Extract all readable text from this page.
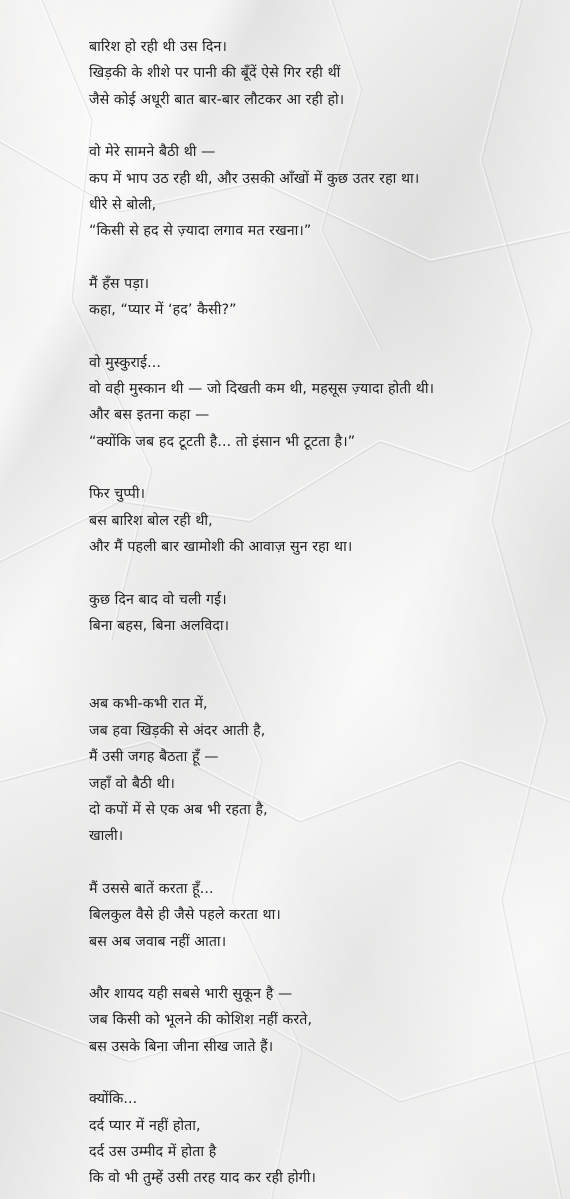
बारिश हो रही थी उस दिन।
खिड़की के शीशे पर पानी की बूँदें ऐसे गिर रही थीं
जैसे कोई अधूरी बात बार-बार लौटकर आ रही हो।
वो मेरे सामने बैठी थी —
कप में भाप उठ रही थी, और उसकी आँखों में कुछ उतर रहा था।
धीरे से बोली,
“किसी से हद से ज़्यादा लगाव मत रखना।”
मैं हँस पड़ा।
कहा, “प्यार में ‘हद’ कैसी?”
वो मुस्कुराई...
वो वही मुस्कान थी — जो दिखती कम थी, महसूस ज़्यादा होती थी।
और बस इतना कहा —
“क्योंकि जब हद टूटती है... तो इंसान भी टूटता है।”
फिर चुप्पी।
बस बारिश बोल रही थी,
और मैं पहली बार खामोशी की आवाज़ सुन रहा था।
कुछ दिन बाद वो चली गई।
बिना बहस, बिना अलविदा।
अब कभी-कभी रात में,
जब हवा खिड़की से अंदर आती है,
मैं उसी जगह बैठता हूँ —
जहाँ वो बैठी थी।
दो कपों में से एक अब भी रहता है,
खाली।
मैं उससे बातें करता हूँ...
बिलकुल वैसे ही जैसे पहले करता था।
बस अब जवाब नहीं आता।
और शायद यही सबसे भारी सुकून है —
जब किसी को भूलने की कोशिश नहीं करते,
बस उसके बिना जीना सीख जाते हैं।
क्योंकि...
दर्द प्यार में नहीं होता,
दर्द उस उम्मीद में होता है
कि वो भी तुम्हें उसी तरह याद कर रही होगी।
